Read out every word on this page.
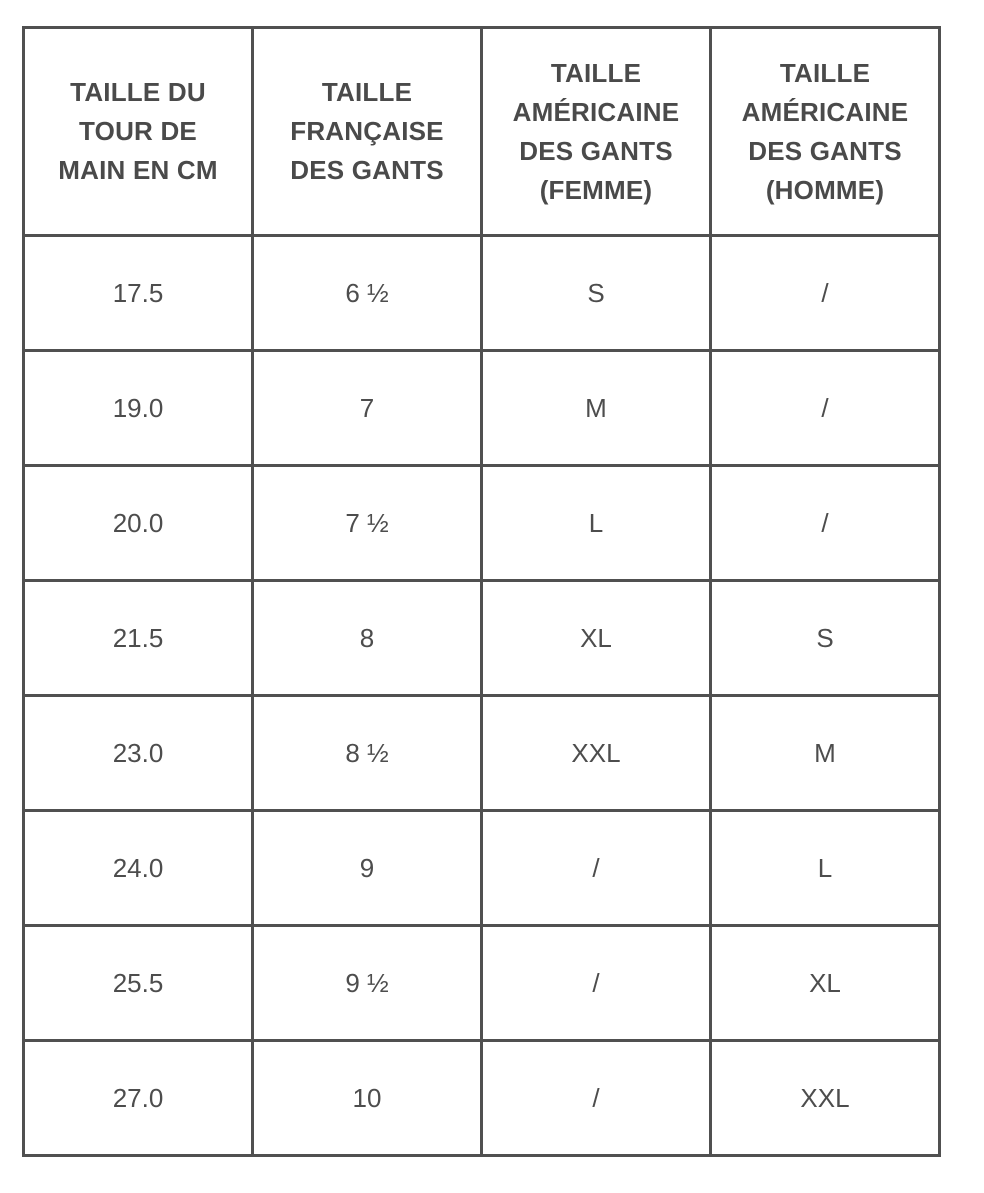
TAILLE DU TOUR DE MAIN EN CM	TAILLE FRANÇAISE DES GANTS	TAILLE AMÉRICAINE DES GANTS (FEMME)	TAILLE AMÉRICAINE DES GANTS (HOMME)
17.5	6 ½	S	/
19.0	7	M	/
20.0	7 ½	L	/
21.5	8	XL	S
23.0	8 ½	XXL	M
24.0	9	/	L
25.5	9 ½	/	XL
27.0	10	/	XXL
